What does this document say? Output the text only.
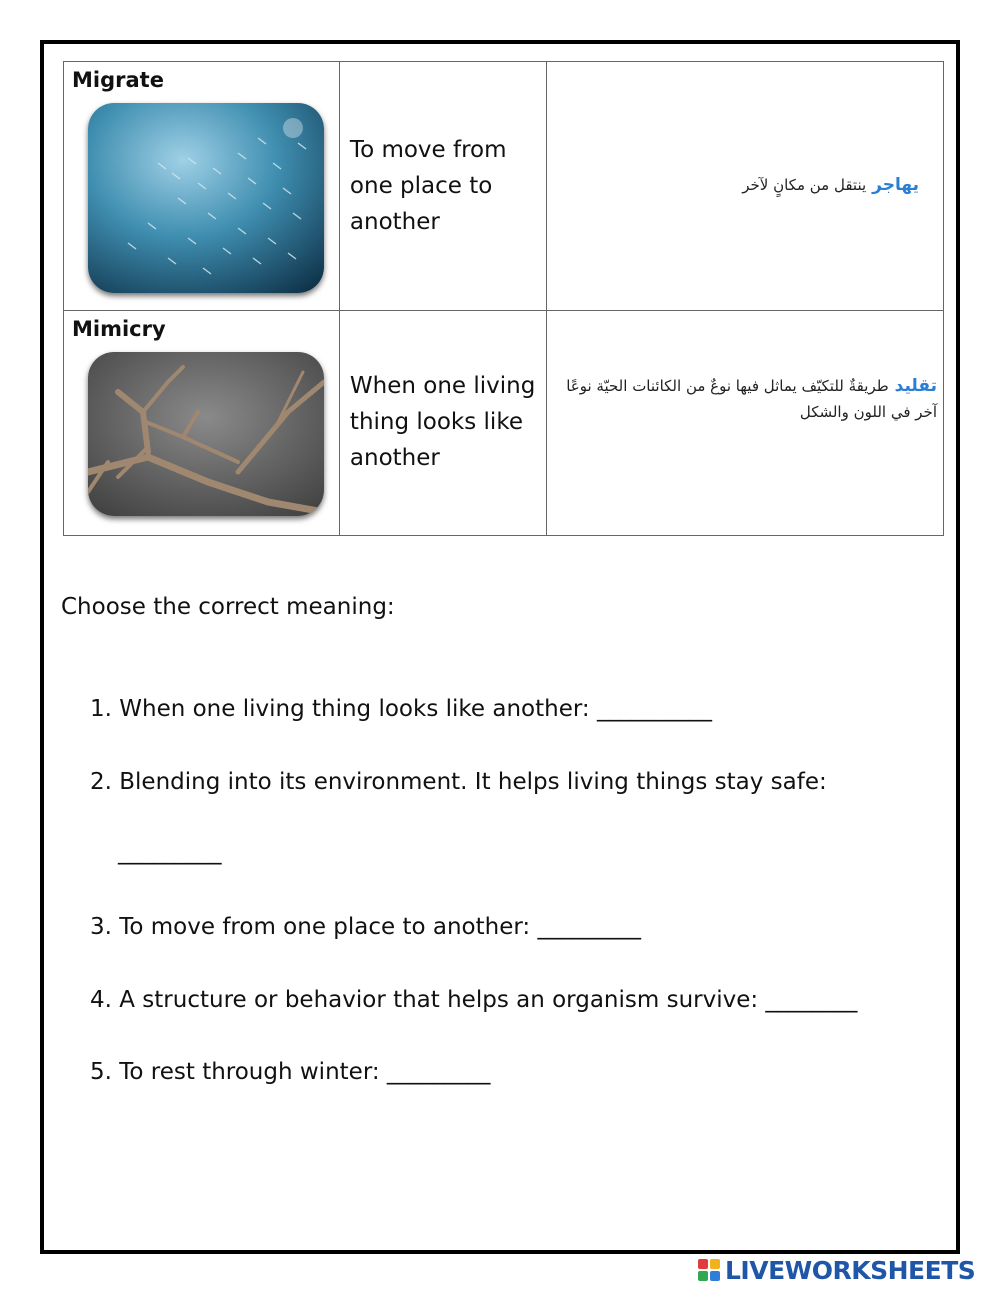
Migrate	To move from one place to another	يهاجرينتقل من مكانٍ لآخر

Mimicry	When one living thing looks like another	تقليدطريقةٌ للتكيّف يماثل فيها نوعٌ من الكائنات الحيّة نوعًا آخر في اللون والشكل
Choose the correct meaning:
1. When one living thing looks like another: __________
2. Blending into its environment. It helps living things stay safe:
_________
3. To move from one place to another: _________
4. A structure or behavior that helps an organism survive: ________
5. To rest through winter: _________
LIVEWORKSHEETS
